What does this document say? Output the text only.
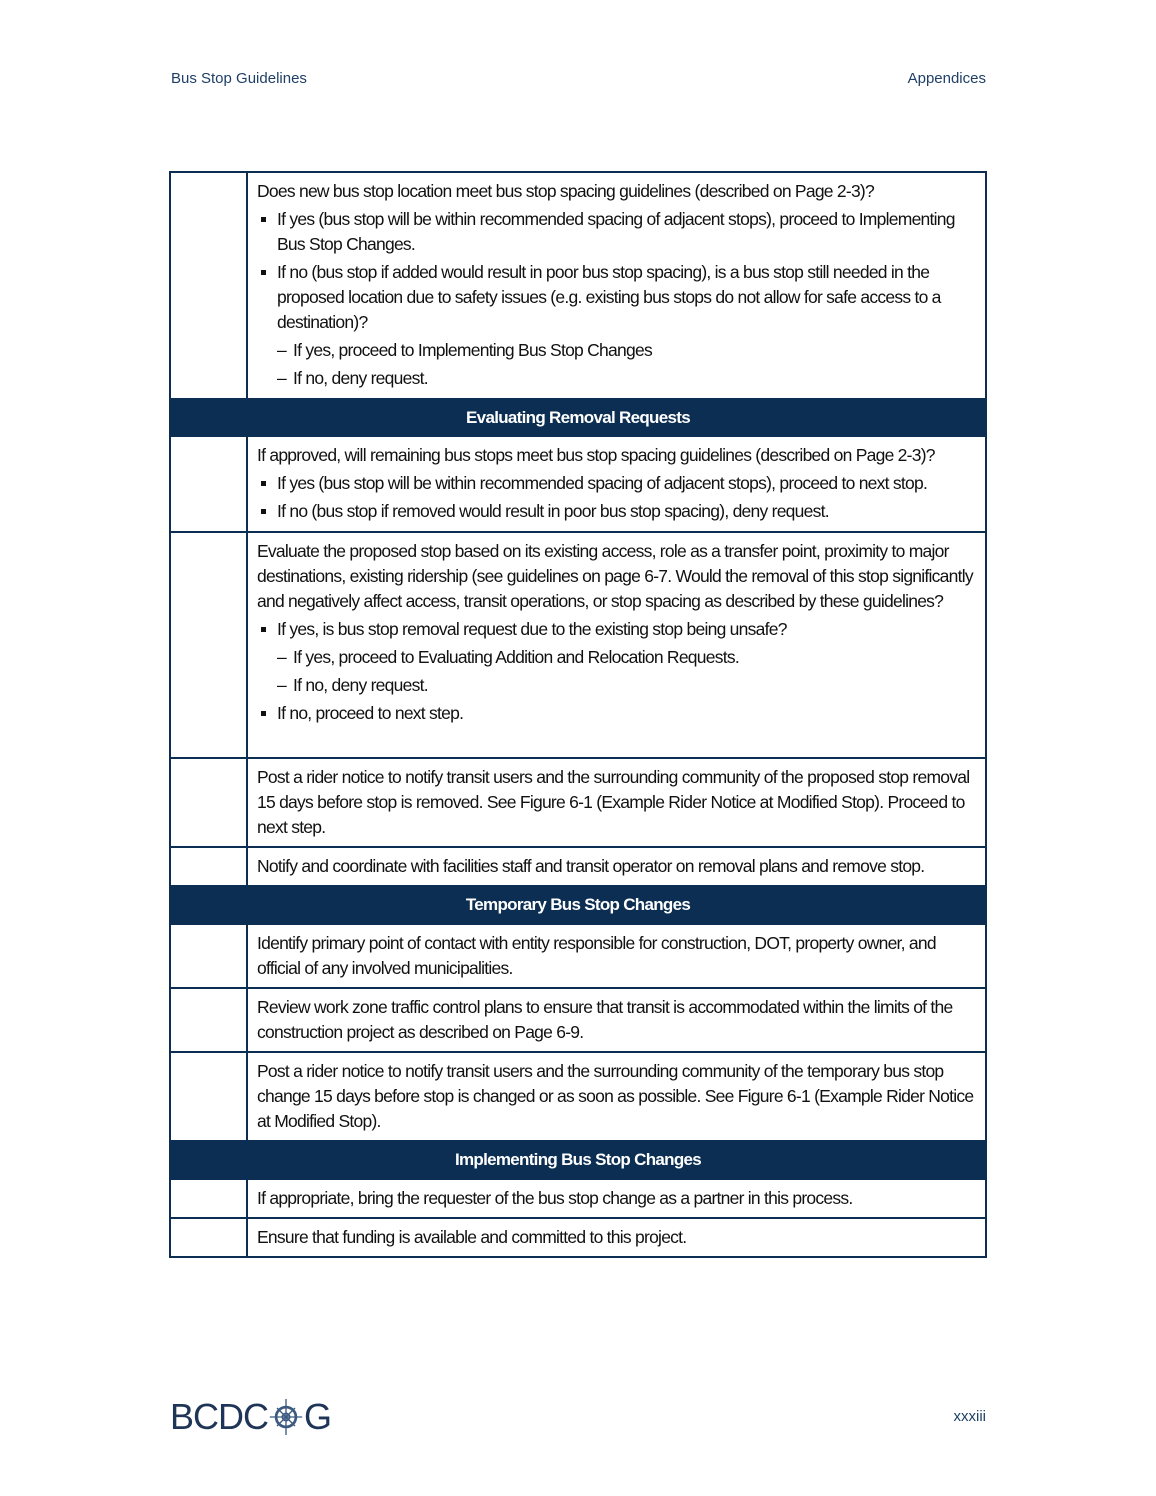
Bus Stop Guidelines	Appendices

	Does new bus stop location meet bus stop spacing guidelines (described on Page 2-3)?
If yes (bus stop will be within recommended spacing of adjacent stops), proceed to Implementing Bus Stop Changes.
If no (bus stop if added would result in poor bus stop spacing), is a bus stop still needed in the proposed location due to safety issues (e.g. existing bus stops do not allow for safe access to a destination)?
– If yes, proceed to Implementing Bus Stop Changes
– If no, deny request.

Evaluating Removal Requests	

	If approved, will remaining bus stops meet bus stop spacing guidelines (described on Page 2-3)?
If yes (bus stop will be within recommended spacing of adjacent stops), proceed to next stop.
If no (bus stop if removed would result in poor bus stop spacing), deny request.

	Evaluate the proposed stop based on its existing access, role as a transfer point, proximity to major destinations, existing ridership (see guidelines on page 6-7. Would the removal of this stop significantly and negatively affect access, transit operations, or stop spacing as described by these guidelines?
If yes, is bus stop removal request due to the existing stop being unsafe?
– If yes, proceed to Evaluating Addition and Relocation Requests.
– If no, deny request.
If no, proceed to next step.

	Post a rider notice to notify transit users and the surrounding community of the proposed stop removal 15 days before stop is removed. See Figure 6-1 (Example Rider Notice at Modified Stop). Proceed to next step.

	Notify and coordinate with facilities staff and transit operator on removal plans and remove stop.

Temporary Bus Stop Changes	

	Identify primary point of contact with entity responsible for construction, DOT, property owner, and official of any involved municipalities.

	Review work zone traffic control plans to ensure that transit is accommodated within the limits of the construction project as described on Page 6-9.

	Post a rider notice to notify transit users and the surrounding community of the temporary bus stop change 15 days before stop is changed or as soon as possible. See Figure 6-1 (Example Rider Notice at Modified Stop).

Implementing Bus Stop Changes	

	If appropriate, bring the requester of the bus stop change as a partner in this process.

	Ensure that funding is available and committed to this project.
BCDC G	xxxiii
